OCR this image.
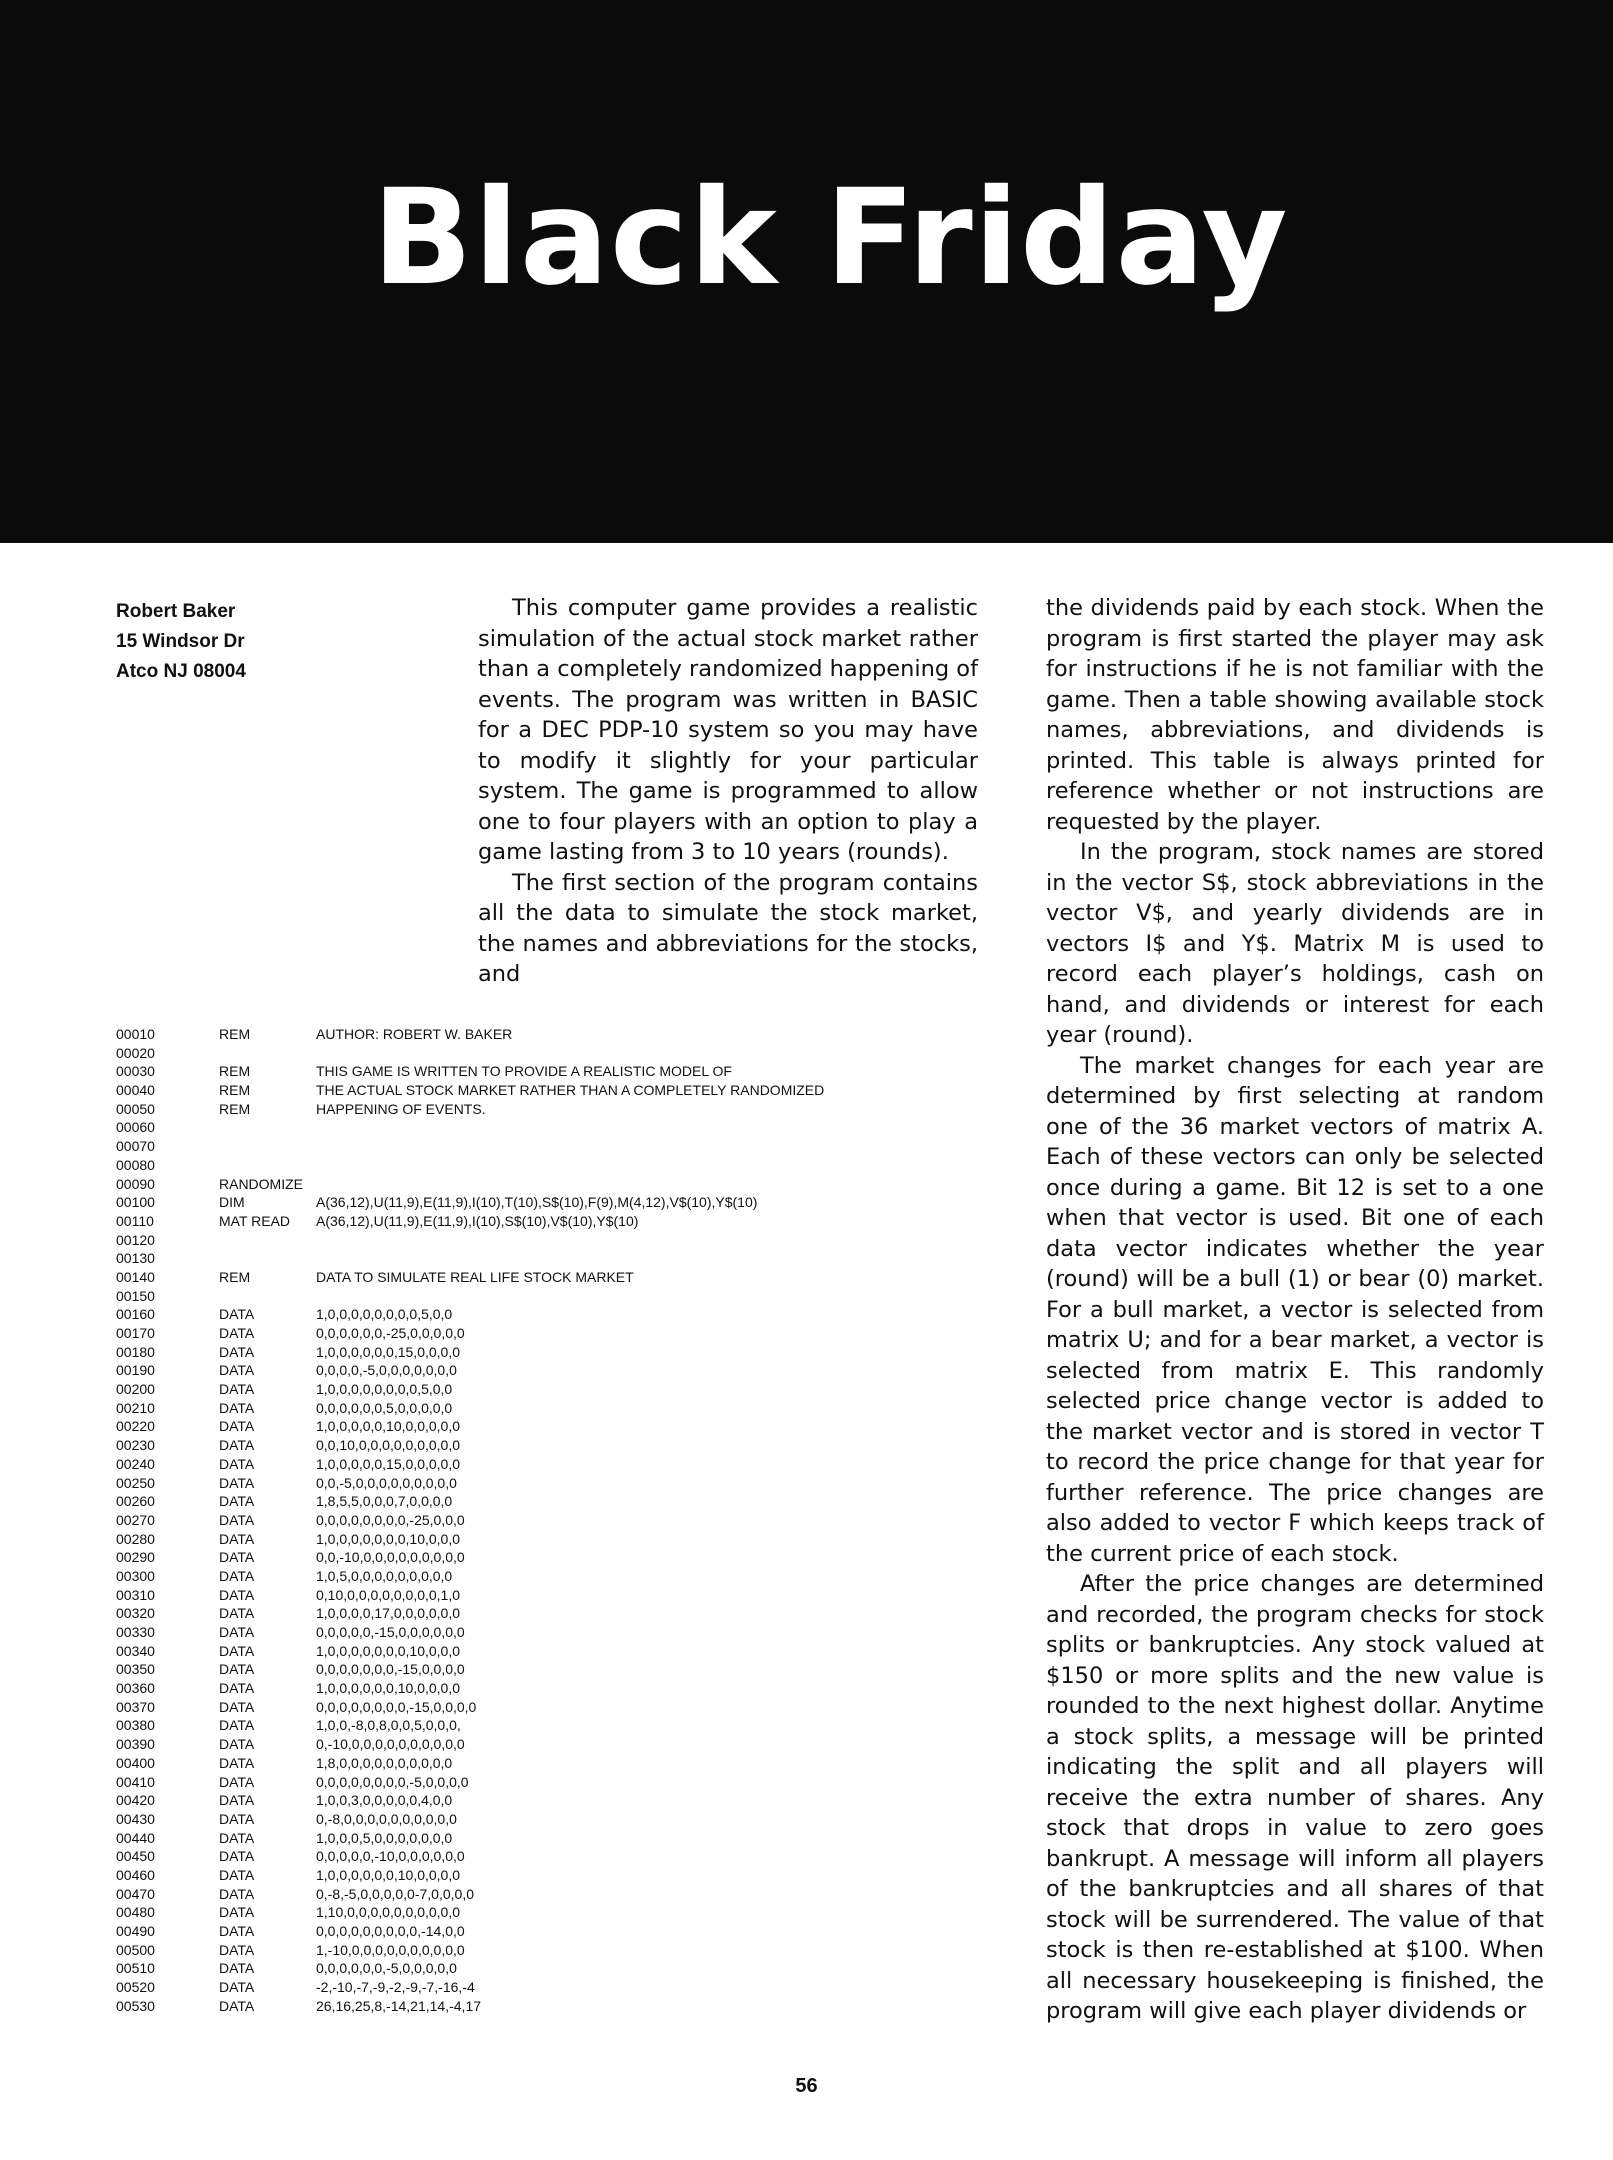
Black Friday
Robert Baker
15 Windsor Dr
Atco NJ 08004

This computer game provides a realistic simulation of the actual stock market rather than a completely randomized happening of events. The program was written in BASIC for a DEC PDP-10 system so you may have to modify it slightly for your particular system. The game is programmed to allow one to four players with an option to play a game lasting from 3 to 10 years (rounds).

The first section of the program contains all the data to simulate the stock market, the names and abbreviations for the stocks, and

the dividends paid by each stock. When the program is first started the player may ask for instructions if he is not familiar with the game. Then a table showing available stock names, abbreviations, and dividends is printed. This table is always printed for reference whether or not instructions are requested by the player.

In the program, stock names are stored in the vector S$, stock abbreviations in the vector V$, and yearly dividends are in vectors I$ and Y$. Matrix M is used to record each player’s holdings, cash on hand, and dividends or interest for each year (round).

The market changes for each year are determined by first selecting at random one of the 36 market vectors of matrix A. Each of these vectors can only be selected once during a game. Bit 12 is set to a one when that vector is used. Bit one of each data vector indicates whether the year (round) will be a bull (1) or bear (0) market. For a bull market, a vector is selected from matrix U; and for a bear market, a vector is selected from matrix E. This randomly selected price change vector is added to the market vector and is stored in vector T to record the price change for that year for further reference. The price changes are also added to vector F which keeps track of the current price of each stock.

After the price changes are determined and recorded, the program checks for stock splits or bankruptcies. Any stock valued at $150 or more splits and the new value is rounded to the next highest dollar. Anytime a stock splits, a message will be printed indicating the split and all players will receive the extra number of shares. Any stock that drops in value to zero goes bankrupt. A message will inform all players of the bankruptcies and all shares of that stock will be surrendered. The value of that stock is then re-established at $100. When all necessary housekeeping is finished, the program will give each player dividends or

00010	REM	AUTHOR: ROBERT W. BAKER
00020
00030	REM	THIS GAME IS WRITTEN TO PROVIDE A REALISTIC MODEL OF
00040	REM	THE ACTUAL STOCK MARKET RATHER THAN A COMPLETELY RANDOMIZED
00050	REM	HAPPENING OF EVENTS.
00060
00070
00080
00090	RANDOMIZE
00100	DIM	A(36,12),U(11,9),E(11,9),I(10),T(10),S$(10),F(9),M(4,12),V$(10),Y$(10)
00110	MAT READ A(36,12),U(11,9),E(11,9),I(10),S$(10),V$(10),Y$(10)
00120
00130
00140	REM	DATA TO SIMULATE REAL LIFE STOCK MARKET
00150
00160	DATA	1,0,0,0,0,0,0,0,0,5,0,0
00170	DATA	0,0,0,0,0,0,-25,0,0,0,0,0
00180	DATA	1,0,0,0,0,0,0,15,0,0,0,0
00190	DATA	0,0,0,0,-5,0,0,0,0,0,0,0
00200	DATA	1,0,0,0,0,0,0,0,0,5,0,0
00210	DATA	0,0,0,0,0,0,5,0,0,0,0,0
00220	DATA	1,0,0,0,0,0,10,0,0,0,0,0
00230	DATA	0,0,10,0,0,0,0,0,0,0,0,0
00240	DATA	1,0,0,0,0,0,15,0,0,0,0,0
00250	DATA	0,0,-5,0,0,0,0,0,0,0,0,0
00260	DATA	1,8,5,5,0,0,0,7,0,0,0,0
00270	DATA	0,0,0,0,0,0,0,0,-25,0,0,0
00280	DATA	1,0,0,0,0,0,0,0,10,0,0,0
00290	DATA	0,0,-10,0,0,0,0,0,0,0,0,0
00300	DATA	1,0,5,0,0,0,0,0,0,0,0,0
00310	DATA	0,10,0,0,0,0,0,0,0,0,1,0
00320	DATA	1,0,0,0,0,17,0,0,0,0,0,0
00330	DATA	0,0,0,0,0,-15,0,0,0,0,0,0
00340	DATA	1,0,0,0,0,0,0,0,10,0,0,0
00350	DATA	0,0,0,0,0,0,0,-15,0,0,0,0
00360	DATA	1,0,0,0,0,0,0,10,0,0,0,0
00370	DATA	0,0,0,0,0,0,0,0,-15,0,0,0,0
00380	DATA	1,0,0,-8,0,8,0,0,5,0,0,0,
00390	DATA	0,-10,0,0,0,0,0,0,0,0,0,0
00400	DATA	1,8,0,0,0,0,0,0,0,0,0,0
00410	DATA	0,0,0,0,0,0,0,0,-5,0,0,0,0
00420	DATA	1,0,0,3,0,0,0,0,0,4,0,0
00430	DATA	0,-8,0,0,0,0,0,0,0,0,0,0
00440	DATA	1,0,0,0,5,0,0,0,0,0,0,0
00450	DATA	0,0,0,0,0,-10,0,0,0,0,0,0
00460	DATA	1,0,0,0,0,0,0,10,0,0,0,0
00470	DATA	0,-8,-5,0,0,0,0,0-7,0,0,0,0
00480	DATA	1,10,0,0,0,0,0,0,0,0,0,0
00490	DATA	0,0,0,0,0,0,0,0,0,-14,0,0
00500	DATA	1,-10,0,0,0,0,0,0,0,0,0,0
00510	DATA	0,0,0,0,0,0,-5,0,0,0,0,0
00520	DATA	-2,-10,-7,-9,-2,-9,-7,-16,-4
00530	DATA	26,16,25,8,-14,21,14,-4,17
56
